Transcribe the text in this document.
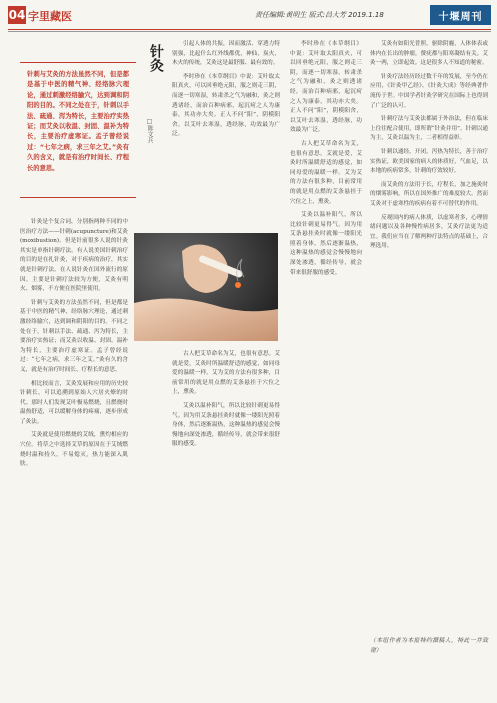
04 字里藏医	责任编辑:黄明生 版式:昌大芳 2019.1.18	十堰周刊
针刺与艾灸的方法虽然不同，但是都是基于中医的精气神、经络脉穴理论，通过刺激经络腧穴，达到调和阴阳的目的。不同之处在于，针刺以手法、疏通、泻为特长，主要治疗实热证；而艾灸以收温、封固、温补为特长，主要治疗虚寒证。孟子曾经说过：“七年之病，求三年之艾。”灸有久的含义，就是有治疗时间长、疗程长的意思。
针灸
□陈文兵

针灸是个复合词，分别指两种不同的中医治疗方法——针刺(acupuncture)和艾灸(moxibustion)。但是针前很多人说的针灸其实是单指针刺疗法。有人说美国针刺治疗的目的是在扎针灸，对于疾病的治疗，其实就是针刺疗法。在人说针灸在国外流行的原因，主要是针刺疗法较为方便，艾灸有明火、烟雾，不方便在医院里使用。

针刺与艾灸的方法虽然不同，但是都是基于中医的精气神、经络脉穴理论，通过刺激经络腧穴，达到调和阴阳的目的。不同之处在于，针刺以手法、疏通、泻为特长，主要治疗实热证；而艾灸以收温、封固、温补为特长，主要治疗虚寒证。孟子曾经说过：“七年之病，求三年之艾。”灸有久的含义，就是有治疗时间长、疗程长的意思。

相比较而言，艾灸发展和应用的历史较针刺长，可以追溯到原始人穴居火燎的时代。那时人们发现艾叶极易燃烧，且燃烧时温热舒适，可以缓解身体的疼痛，逐步形成了灸法。

艾灸就是使用燃烧的艾绒，熏灼相应的穴位。将草之中选择艾草的原因在于艾绒燃烧时温和持久，不易熄灭，热力能深入肌肤。

引起人体的共振，因而激活、穿透力特别强，比起什么红外线都优，神仙，炭火，木火的传统，艾灸这是最舒服、最有效的。

李时珍在《本草纲目》中说：艾叶取太阳真火，可以回垂绝元阳，服之则走三阴，而逐一切寒湿，转肃杀之气为融和，灸之则透诸经，而治百种病邪，起沉疴之人为康泰，其功亦大矣。正人不问“阳”，阴模阳舍，以艾叶去寒湿，透经脉，功效最为广泛。

古人把艾草命名为艾，也很有意思。艾就是爱，艾灸时所温暖舒适的感觉，如同母爱的温暖一样。艾为艾的方法有很多种，目前常用的就是用点燃的艾条悬挂于穴位之上，熏灸。

艾灸以温补阳气，所以比较针刺更易得气。因为用艾条悬挂灸时就像一缕阳光照着身体，然后逐渐温热，这种温热的感觉会慢慢地向深处渗透，循经传导，就会带来很舒服的感受。

艾灸有如阳光普照，驱除阴霾，人体体表或体内在长出的肿瘤，赘疣都与阳寒凝结有关。艾灸一两，立即起效。这是很多人不知道的秘密。

针灸疗法经历经过数千年的发展，至今仍在应用，《针灸甲乙经》、《针灸大成》等经典著作流传于世。中国学者针灸学研究在国际上也得到了广泛的认可。

针刺疗法与艾灸法都属于外治法，但在临床上往往配合使用，即所谓“针灸并用”。针刺以通为主，艾灸以温为主，二者相得益彰。

针刺以通经，开闭，泻热为特长，善于治疗实热证，欧美国家的病人的体质好，气血足，以本地的疾病常多，针刺的疗效较好。

而艾灸的方法用于长，疗程长，加之施灸时的烟雾影响，所以在国外推广的难度较大。然而艾灸对于虚寒性的疾病有着不可替代的作用。

反观国内的病人体质，以虚寒者多，心理情绪问题以及各种慢性病居多，艾灸疗法更为适宜。我们应当在了解两种疗法特点的基础上，合理选用。

李时珍在《本草纲目》中说：艾叶取太阳真火，可以回垂绝元阳，服之则走三阴，而逐一切寒湿，转肃杀之气为融和，灸之则透诸经，而治百种病邪，起沉疴之人为康泰，其功亦大矣。正人不问“阳”，阴模阳舍，以艾叶去寒湿，透经脉，功效最为广泛。

古人把艾草命名为艾，也很有意思。艾就是爱，艾灸时所温暖舒适的感觉，如同母爱的温暖一样。艾为艾的方法有很多种，目前常用的就是用点燃的艾条悬挂于穴位之上，熏灸。

艾灸以温补阳气，所以比较针刺更易得气。因为用艾条悬挂灸时就像一缕阳光照着身体，然后逐渐温热，这种温热的感觉会慢慢地向深处渗透，循经传导，就会带来很舒服的感受。

（本组作者为本报特约撰稿人，特此一并致谢）
